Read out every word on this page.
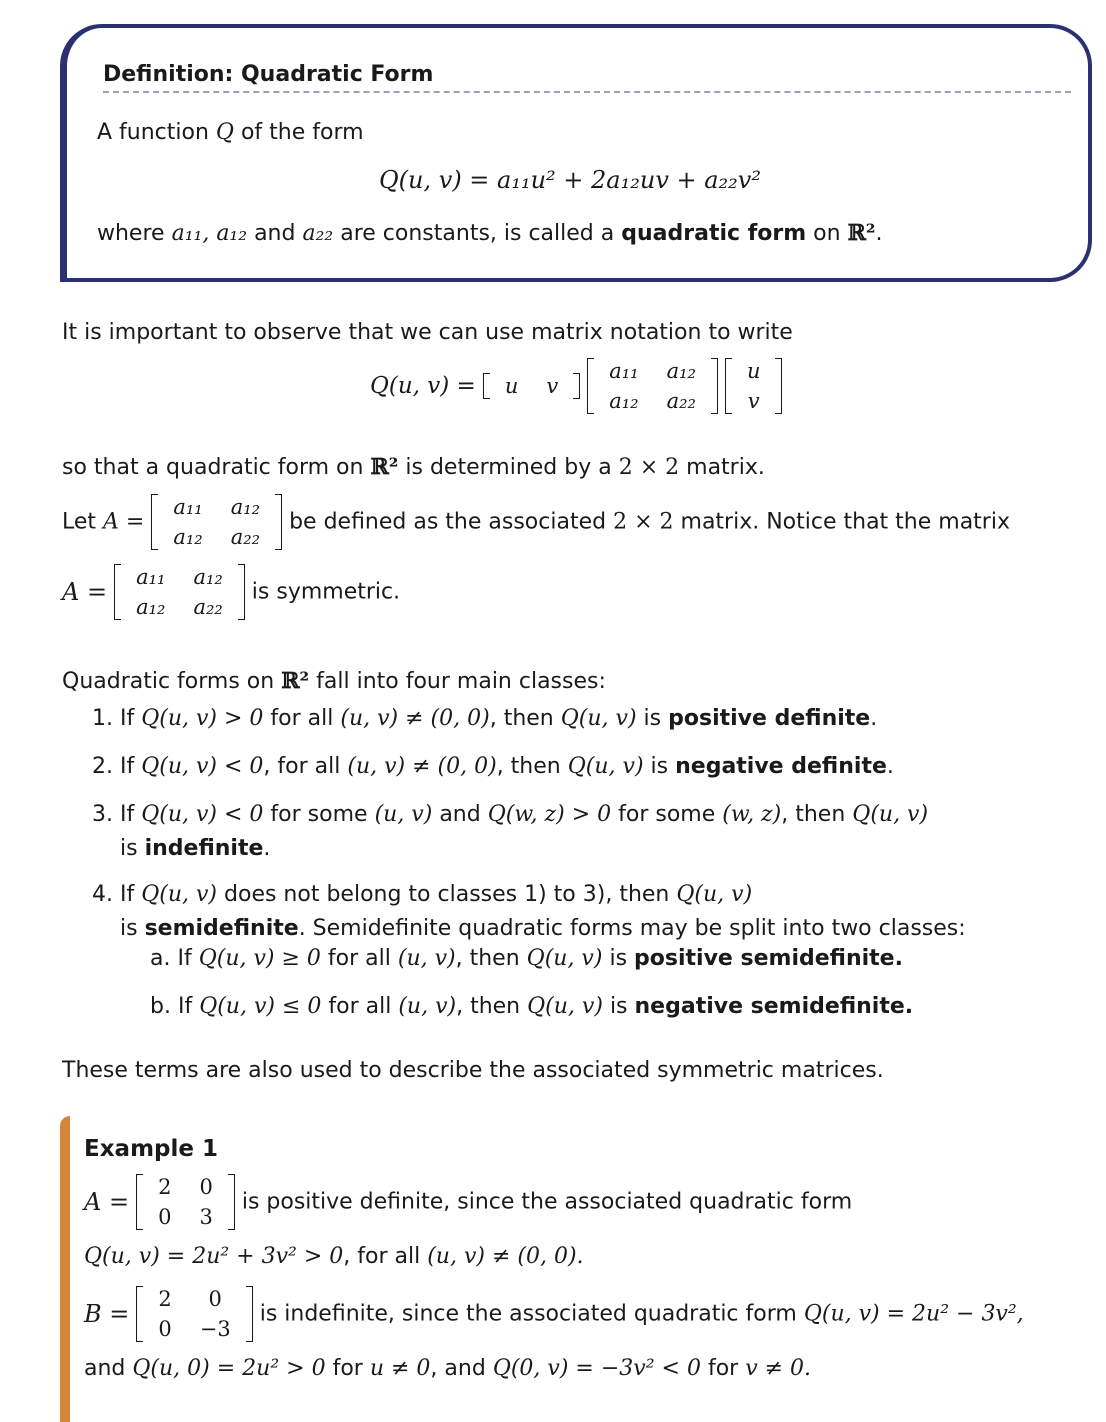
Definition: Quadratic Form
A function Q of the form
Q(u, v) = a₁₁u² + 2a₁₂uv + a₂₂v²
where a₁₁, a₁₂ and a₂₂ are constants, is called a quadratic form on ℝ².
It is important to observe that we can use matrix notation to write
Q(u, v) = u	v

a₁₁	a₁₂
a₁₂	a₂₂

u
v
so that a quadratic form on ℝ² is determined by a 2 × 2 matrix.
Let A =
a₁₁	a₁₂
a₁₂	a₂₂
be defined as the associated 2 × 2 matrix. Notice that the matrix
A =
a₁₁	a₁₂
a₁₂	a₂₂
is symmetric.
Quadratic forms on ℝ² fall into four main classes:
1. If Q(u, v) > 0 for all (u, v) ≠ (0, 0), then Q(u, v) is positive definite.
2. If Q(u, v) < 0, for all (u, v) ≠ (0, 0), then Q(u, v) is negative definite.
3. If Q(u, v) < 0 for some (u, v) and Q(w, z) > 0 for some (w, z), then Q(u, v)
is indefinite.
4. If Q(u, v) does not belong to classes 1) to 3), then Q(u, v)
is semidefinite. Semidefinite quadratic forms may be split into two classes:
a. If Q(u, v) ≥ 0 for all (u, v), then Q(u, v) is positive semidefinite.
b. If Q(u, v) ≤ 0 for all (u, v), then Q(u, v) is negative semidefinite.
These terms are also used to describe the associated symmetric matrices.
Example 1
A =
2	0
0	3
is positive definite, since the associated quadratic form
Q(u, v) = 2u² + 3v² > 0, for all (u, v) ≠ (0, 0).
B =
2	0
0	−3
is indefinite, since the associated quadratic form Q(u, v) = 2u² − 3v²,
and Q(u, 0) = 2u² > 0 for u ≠ 0, and Q(0, v) = −3v² < 0 for v ≠ 0.
